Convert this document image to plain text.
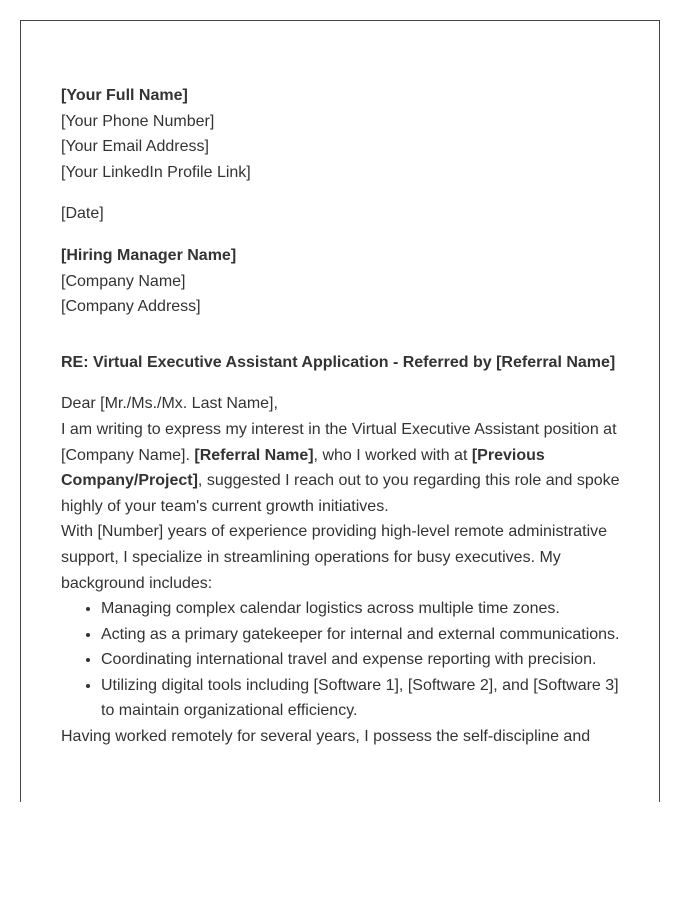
[Your Full Name]
[Your Phone Number]
[Your Email Address]
[Your LinkedIn Profile Link]
[Date]
[Hiring Manager Name]
[Company Name]
[Company Address]
RE: Virtual Executive Assistant Application - Referred by [Referral Name]
Dear [Mr./Ms./Mx. Last Name],

I am writing to express my interest in the Virtual Executive Assistant position at [Company Name]. [Referral Name], who I worked with at [Previous Company/Project], suggested I reach out to you regarding this role and spoke highly of your team's current growth initiatives.

With [Number] years of experience providing high-level remote administrative support, I specialize in streamlining operations for busy executives. My background includes:

• Managing complex calendar logistics across multiple time zones.
• Acting as a primary gatekeeper for internal and external communications.
• Coordinating international travel and expense reporting with precision.
• Utilizing digital tools including [Software 1], [Software 2], and [Software 3] to maintain organizational efficiency.

Having worked remotely for several years, I possess the self-discipline and
